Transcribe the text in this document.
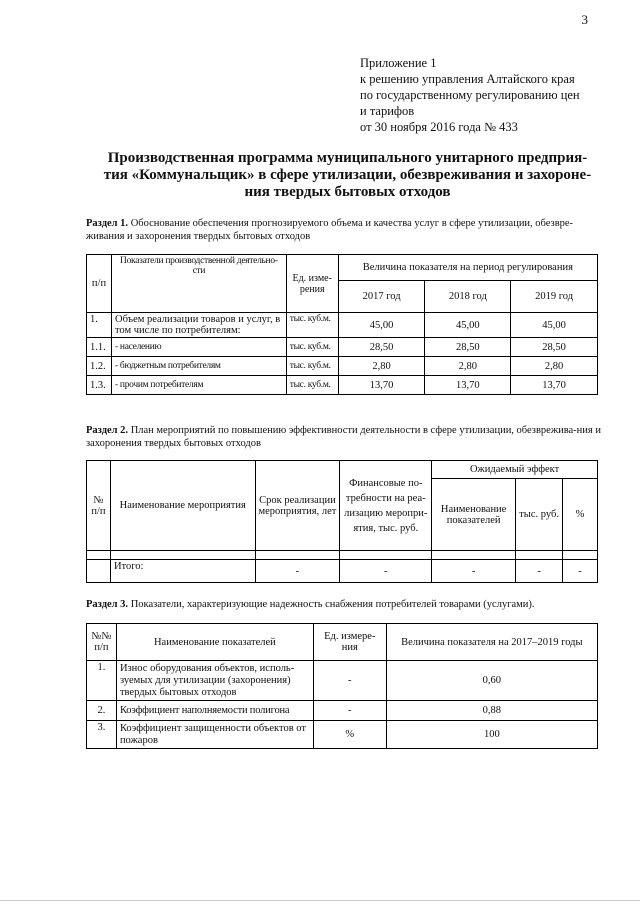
3
Приложение 1
к решению управления Алтайского края
по государственному регулированию цен
и тарифов
от 30 ноября 2016 года № 433
Производственная программа муниципального унитарного предприя-
тия «Коммунальщик» в сфере утилизации, обезвреживания и захороне-
ния твердых бытовых отходов
Раздел 1. Обоснование обеспечения прогнозируемого объема и качества услуг в сфере утилизации, обезвре-живания и захоронения твердых бытовых отходов
п/п	Показатели производственной деятельно-сти	Ед. изме-рения	Величина показателя на период регулирования		
			2017 год	2018 год	2019 год
1.	Объем реализации товаров и услуг, в том числе по потребителям:	тыс. куб.м.	45,00	45,00	45,00
1.1.	- населению	тыс. куб.м.	28,50	28,50	28,50
1.2.	- бюджетным потребителям	тыс. куб.м.	2,80	2,80	2,80
1.3.	- прочим потребителям	тыс. куб.м.	13,70	13,70	13,70
Раздел 2. План мероприятий по повышению эффективности деятельности в сфере утилизации, обезврежива-ния и захоронения твердых бытовых отходов
№ п/п	Наименование мероприятия	Срок реализации мероприятия, лет	Финансовые по-требности на реа-лизацию меропри-ятия, тыс. руб.	Ожидаемый эффект		
				Наименование показателей	тыс. руб.	%

	Итого:	-	-	-	-	-
Раздел 3. Показатели, характеризующие надежность снабжения потребителей товарами (услугами).
№№ п/п	Наименование показателей	Ед. измере-ния	Величина показателя на 2017–2019 годы
1.	Износ оборудования объектов, исполь-зуемых для утилизации (захоронения) твердых бытовых отходов	-	0,60
2.	Коэффициент наполняемости полигона	-	0,88
3.	Коэффициент защищенности объектов от пожаров	%	100
